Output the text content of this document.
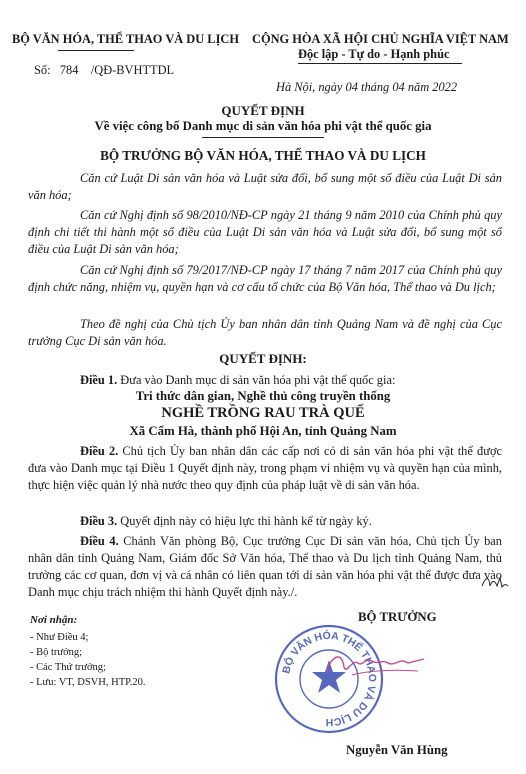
BỘ VĂN HÓA, THỂ THAO VÀ DU LỊCH CỘNG HÒA XÃ HỘI CHỦ NGHĨA VIỆT NAM
Độc lập - Tự do - Hạnh phúc
Số: 784 /QĐ-BVHTTDL
Hà Nội, ngày 04 tháng 04 năm 2022
QUYẾT ĐỊNH
Về việc công bố Danh mục di sản văn hóa phi vật thể quốc gia
BỘ TRƯỞNG BỘ VĂN HÓA, THỂ THAO VÀ DU LỊCH
Căn cứ Luật Di sản văn hóa và Luật sửa đổi, bổ sung một số điều của Luật Di sản văn hóa;
Căn cứ Nghị định số 98/2010/NĐ-CP ngày 21 tháng 9 năm 2010 của Chính phủ quy định chi tiết thi hành một số điều của Luật Di sản văn hóa và Luật sửa đổi, bổ sung một số điều của Luật Di sản văn hóa;
Căn cứ Nghị định số 79/2017/NĐ-CP ngày 17 tháng 7 năm 2017 của Chính phủ quy định chức năng, nhiệm vụ, quyền hạn và cơ cấu tổ chức của Bộ Văn hóa, Thể thao và Du lịch;
Theo đề nghị của Chủ tịch Ủy ban nhân dân tỉnh Quảng Nam và đề nghị của Cục trưởng Cục Di sản văn hóa.
QUYẾT ĐỊNH:
Điều 1. Đưa vào Danh mục di sản văn hóa phi vật thể quốc gia:
Tri thức dân gian, Nghề thủ công truyền thống
NGHỀ TRỒNG RAU TRÀ QUẾ
Xã Cẩm Hà, thành phố Hội An, tỉnh Quảng Nam
Điều 2. Chủ tịch Ủy ban nhân dân các cấp nơi có di sản văn hóa phi vật thể được đưa vào Danh mục tại Điều 1 Quyết định này, trong phạm vi nhiệm vụ và quyền hạn của mình, thực hiện việc quản lý nhà nước theo quy định của pháp luật về di sản văn hóa.
Điều 3. Quyết định này có hiệu lực thi hành kể từ ngày ký.
Điều 4. Chánh Văn phòng Bộ, Cục trưởng Cục Di sản văn hóa, Chủ tịch Ủy ban nhân dân tỉnh Quảng Nam, Giám đốc Sở Văn hóa, Thể thao và Du lịch tỉnh Quảng Nam, thủ trưởng các cơ quan, đơn vị và cá nhân có liên quan tới di sản văn hóa phi vật thể được đưa vào Danh mục chịu trách nhiệm thi hành Quyết định này./.
Nơi nhận:
- Như Điều 4;
- Bộ trưởng;
- Các Thứ trưởng;
- Lưu: VT, DSVH, HTP.20.
BỘ TRƯỞNG
BỘ VĂN HÓA THỂ THAO VÀ DU LỊCH
Nguyễn Văn Hùng
